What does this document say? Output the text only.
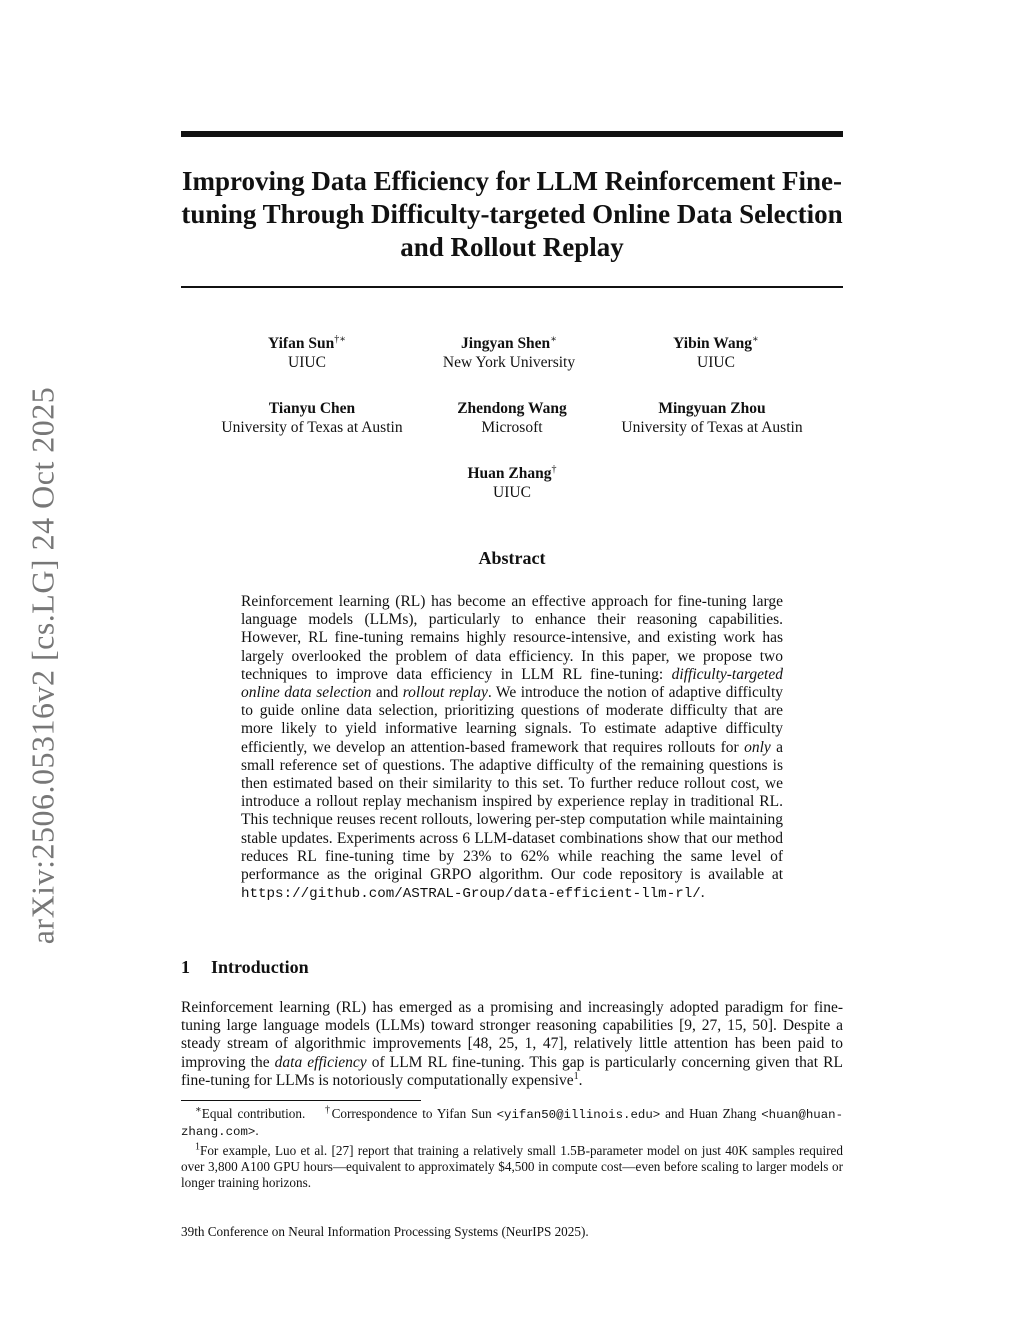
arXiv:2506.05316v2 [cs.LG] 24 Oct 2025
Improving Data Efficiency for LLM Reinforcement Fine-tuning Through Difficulty-targeted Online Data Selection and Rollout Replay
Yifan Sun†∗
UIUC
Jingyan Shen∗
New York University
Yibin Wang∗
UIUC
Tianyu Chen
University of Texas at Austin
Zhendong Wang
Microsoft
Mingyuan Zhou
University of Texas at Austin
Huan Zhang†
UIUC
Abstract

Reinforcement learning (RL) has become an effective approach for fine-tuning large language models (LLMs), particularly to enhance their reasoning capabilities. However, RL fine-tuning remains highly resource-intensive, and existing work has largely overlooked the problem of data efficiency. In this paper, we propose two techniques to improve data efficiency in LLM RL fine-tuning: difficulty-targeted online data selection and rollout replay. We introduce the notion of adaptive difficulty to guide online data selection, prioritizing questions of moderate difficulty that are more likely to yield informative learning signals. To estimate adaptive difficulty efficiently, we develop an attention-based framework that requires rollouts for only a small reference set of questions. The adaptive difficulty of the remaining questions is then estimated based on their similarity to this set. To further reduce rollout cost, we introduce a rollout replay mechanism inspired by experience replay in traditional RL. This technique reuses recent rollouts, lowering per-step computation while maintaining stable updates. Experiments across 6 LLM-dataset combinations show that our method reduces RL fine-tuning time by 23% to 62% while reaching the same level of performance as the original GRPO algorithm. Our code repository is available at https://github.com/ASTRAL-Group/data-efficient-llm-rl/.

1 Introduction

Reinforcement learning (RL) has emerged as a promising and increasingly adopted paradigm for fine-tuning large language models (LLMs) toward stronger reasoning capabilities [9, 27, 15, 50]. Despite a steady stream of algorithmic improvements [48, 25, 1, 47], relatively little attention has been paid to improving the data efficiency of LLM RL fine-tuning. This gap is particularly concerning given that RL fine-tuning for LLMs is notoriously computationally expensive$^1$.

∗Equal contribution. †Correspondence to Yifan Sun <yifan50@illinois.edu> and Huan Zhang <huan@huan-zhang.com>.

$^1$For example, Luo et al. [27] report that training a relatively small 1.5B-parameter model on just 40K samples required over 3,800 A100 GPU hours—equivalent to approximately $4,500 in compute cost—even before scaling to larger models or longer training horizons.

39th Conference on Neural Information Processing Systems (NeurIPS 2025).
